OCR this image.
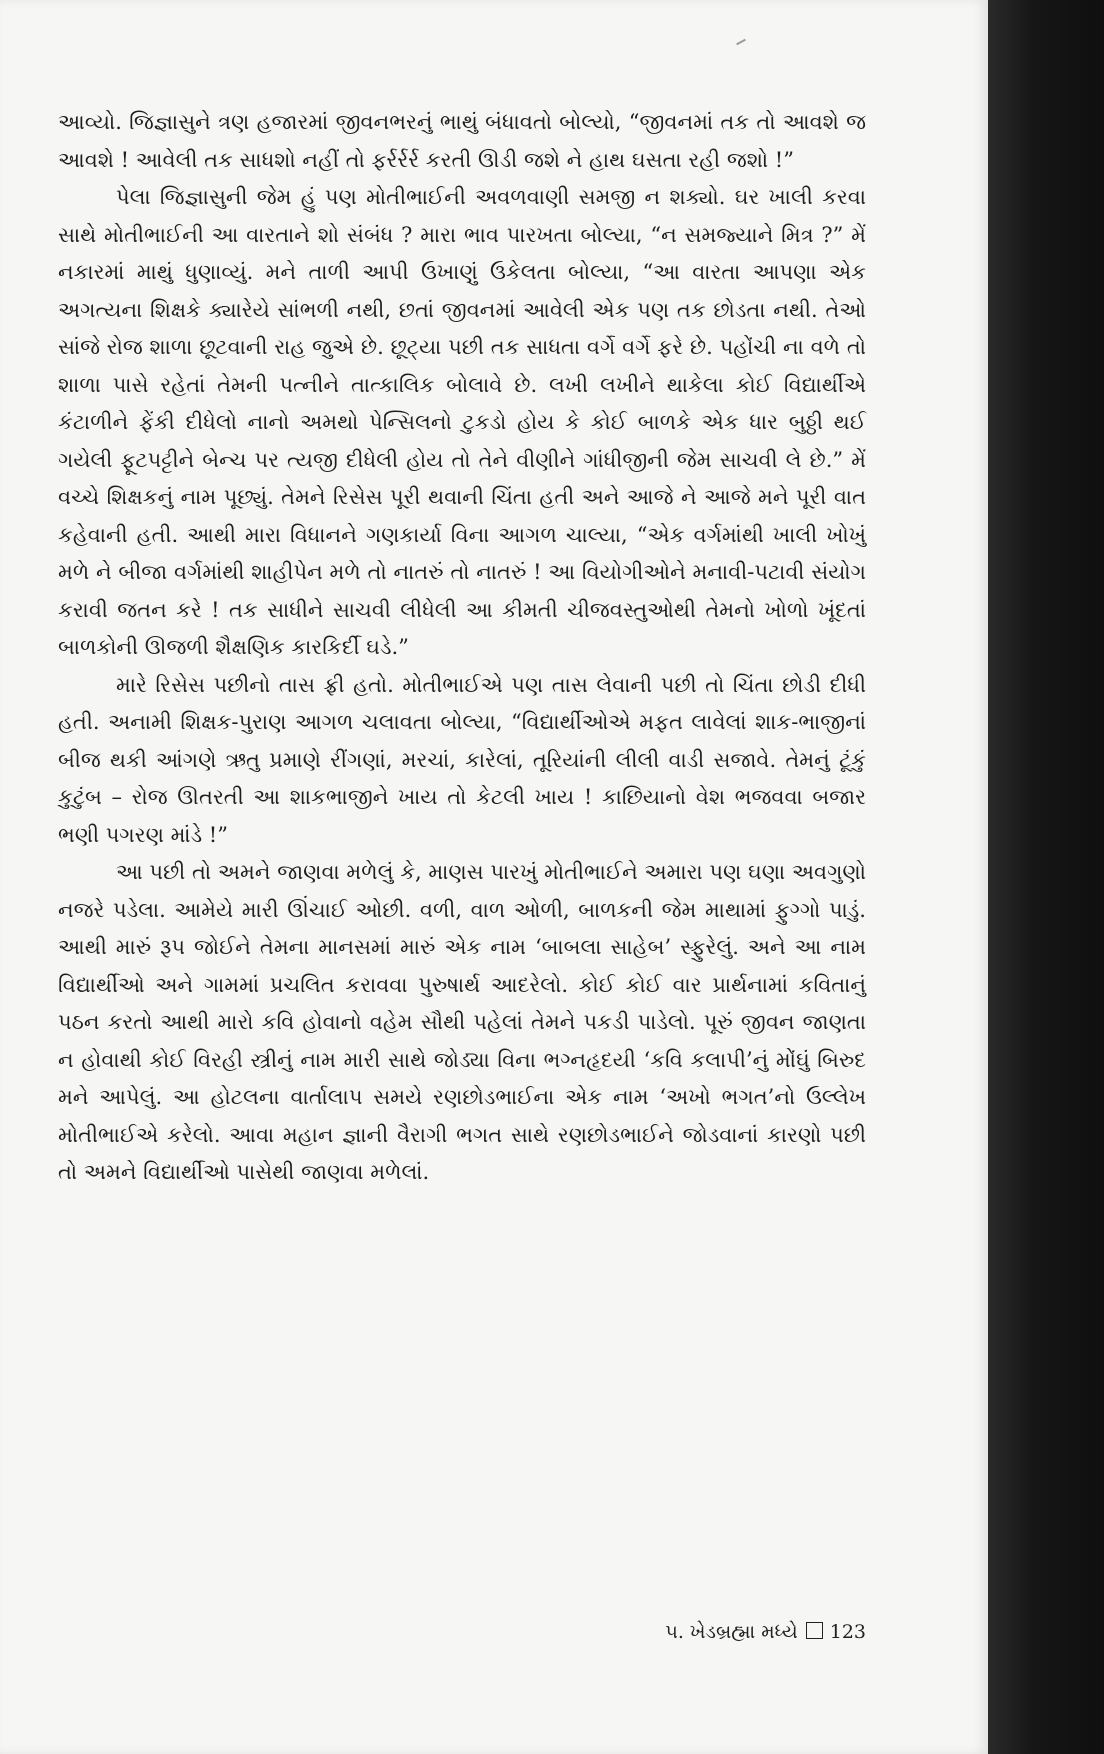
આવ્યો. જિજ્ઞાસુને ત્રણ હજારમાં જીવનભરનું ભાથું બંધાવતો બોલ્યો, “જીવનમાં તક તો આવશે જ આવશે ! આવેલી તક સાધશો નહીં તો ફર્રર્રર્ર કરતી ઊડી જશે ને હાથ ઘસતા રહી જશો !”

પેલા જિજ્ઞાસુની જેમ હું પણ મોતીભાઈની અવળવાણી સમજી ન શક્યો. ઘર ખાલી કરવા સાથે મોતીભાઈની આ વારતાને શો સંબંધ ? મારા ભાવ પારખતા બોલ્યા, “ન સમજ્યાને મિત્ર ?” મેં નકારમાં માથું ધુણાવ્યું. મને તાળી આપી ઉખાણું ઉકેલતા બોલ્યા, “આ વારતા આપણા એક અગત્યના શિક્ષકે ક્યારેયે સાંભળી નથી, છતાં જીવનમાં આવેલી એક પણ તક છોડતા નથી. તેઓ સાંજે રોજ શાળા છૂટવાની રાહ જુએ છે. છૂટ્યા પછી તક સાધતા વર્ગે વર્ગે ફરે છે. પહોંચી ના વળે તો શાળા પાસે રહેતાં તેમની પત્નીને તાત્કાલિક બોલાવે છે. લખી લખીને થાકેલા કોઈ વિદ્યાર્થીએ કંટાળીને ફેંકી દીધેલો નાનો અમથો પેન્સિલનો ટુકડો હોય કે કોઈ બાળકે એક ધાર બુઠ્ઠી થઈ ગયેલી ફૂટપટ્ટીને બેન્ચ પર ત્યજી દીધેલી હોય તો તેને વીણીને ગાંધીજીની જેમ સાચવી લે છે.” મેં વચ્ચે શિક્ષકનું નામ પૂછ્યું. તેમને રિસેસ પૂરી થવાની ચિંતા હતી અને આજે ને આજે મને પૂરી વાત કહેવાની હતી. આથી મારા વિધાનને ગણકાર્યા વિના આગળ ચાલ્યા, “એક વર્ગમાંથી ખાલી ખોખું મળે ને બીજા વર્ગમાંથી શાહીપેન મળે તો નાતરું તો નાતરું ! આ વિયોગીઓને મનાવી-પટાવી સંયોગ કરાવી જતન કરે ! તક સાધીને સાચવી લીધેલી આ કીમતી ચીજવસ્તુઓથી તેમનો ખોળો ખૂંદતાં બાળકોની ઊજળી શૈક્ષણિક કારકિર્દી ઘડે.”

મારે રિસેસ પછીનો તાસ ફ્રી હતો. મોતીભાઈએ પણ તાસ લેવાની પછી તો ચિંતા છોડી દીધી હતી. અનામી શિક્ષક-પુરાણ આગળ ચલાવતા બોલ્યા, “વિદ્યાર્થીઓએ મફત લાવેલાં શાક-ભાજીનાં બીજ થકી આંગણે ઋતુ પ્રમાણે રીંગણાં, મરચાં, કારેલાં, તૂરિયાંની લીલી વાડી સજાવે. તેમનું ટૂંકું કુટુંબ – રોજ ઊતરતી આ શાકભાજીને ખાય તો કેટલી ખાય ! કાછિયાનો વેશ ભજવવા બજાર ભણી પગરણ માંડે !”

આ પછી તો અમને જાણવા મળેલું કે, માણસ પારખું મોતીભાઈને અમારા પણ ઘણા અવગુણો નજરે પડેલા. આમેયે મારી ઊંચાઈ ઓછી. વળી, વાળ ઓળી, બાળકની જેમ માથામાં ફુગ્ગો પાડું. આથી મારું રૂપ જોઈને તેમના માનસમાં મારું એક નામ ‘બાબલા સાહેબ’ સ્ફુરેલું. અને આ નામ વિદ્યાર્થીઓ અને ગામમાં પ્રચલિત કરાવવા પુરુષાર્થ આદરેલો. કોઈ કોઈ વાર પ્રાર્થનામાં કવિતાનું પઠન કરતો આથી મારો કવિ હોવાનો વહેમ સૌથી પહેલાં તેમને પકડી પાડેલો. પૂરું જીવન જાણતા ન હોવાથી કોઈ વિરહી સ્ત્રીનું નામ મારી સાથે જોડ્યા વિના ભગ્નહૃદયી ‘કવિ કલાપી’નું મોંઘું બિરુદ મને આપેલું. આ હોટલના વાર્તાલાપ સમયે રણછોડભાઈના એક નામ ‘અખો ભગત’નો ઉલ્લેખ મોતીભાઈએ કરેલો. આવા મહાન જ્ઞાની વૈરાગી ભગત સાથે રણછોડભાઈને જોડવાનાં કારણો પછી તો અમને વિદ્યાર્થીઓ પાસેથી જાણવા મળેલાં.

૫. ખેડબ્રહ્મા મધ્યે 123
